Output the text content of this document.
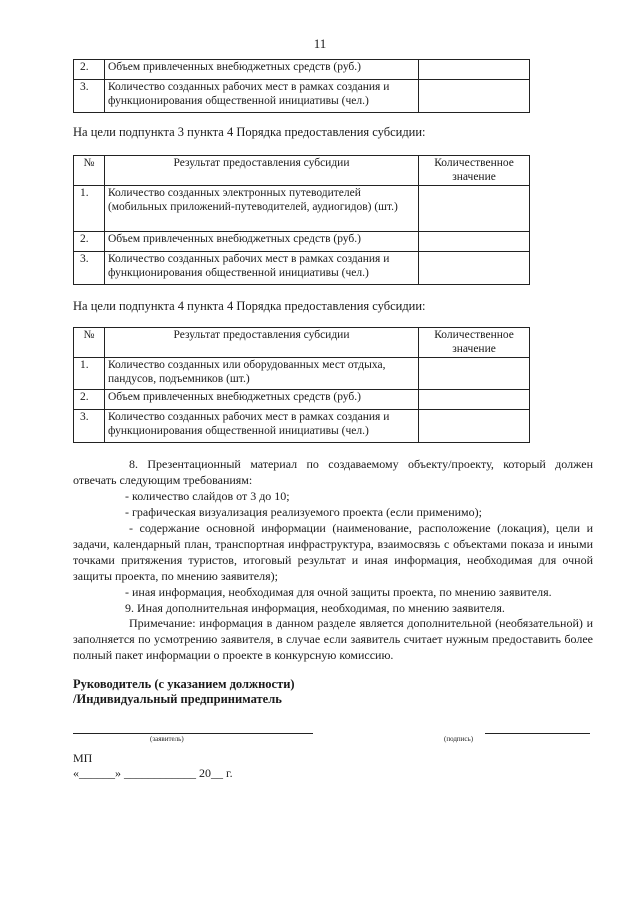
11
2.	Объем привлеченных внебюджетных средств (руб.)	
3.	Количество созданных рабочих мест в рамках создания и функционирования общественной инициативы (чел.)	
На цели подпункта 3 пункта 4 Порядка предоставления субсидии:
№	Результат предоставления субсидии	Количественное значение
1.	Количество созданных электронных путеводителей (мобильных приложений-путеводителей, аудиогидов) (шт.)	
2.	Объем привлеченных внебюджетных средств (руб.)	
3.	Количество созданных рабочих мест в рамках создания и функционирования общественной инициативы (чел.)	
На цели подпункта 4 пункта 4 Порядка предоставления субсидии:
№	Результат предоставления субсидии	Количественное значение
1.	Количество созданных или оборудованных мест отдыха, пандусов, подъемников (шт.)	
2.	Объем привлеченных внебюджетных средств (руб.)	
3.	Количество созданных рабочих мест в рамках создания и функционирования общественной инициативы (чел.)	

8. Презентационный материал по создаваемому объекту/проекту, который должен отвечать следующим требованиям:

- количество слайдов от 3 до 10;

- графическая визуализация реализуемого проекта (если применимо);

- содержание основной информации (наименование, расположение (локация), цели и задачи, календарный план, транспортная инфраструктура, взаимосвязь с объектами показа и иными точками притяжения туристов, итоговый результат и иная информация, необходимая для очной защиты проекта, по мнению заявителя);

- иная информация, необходимая для очной защиты проекта, по мнению заявителя.

9. Иная дополнительная информация, необходимая, по мнению заявителя.

Примечание: информация в данном разделе является дополнительной (необязательной) и заполняется по усмотрению заявителя, в случае если заявитель считает нужным предоставить более полный пакет информации о проекте в конкурсную комиссию.

Руководитель (с указанием должности)
/Индивидуальный предприниматель
(заявитель)	(подпись)
МП
«______» ____________ 20__ г.
